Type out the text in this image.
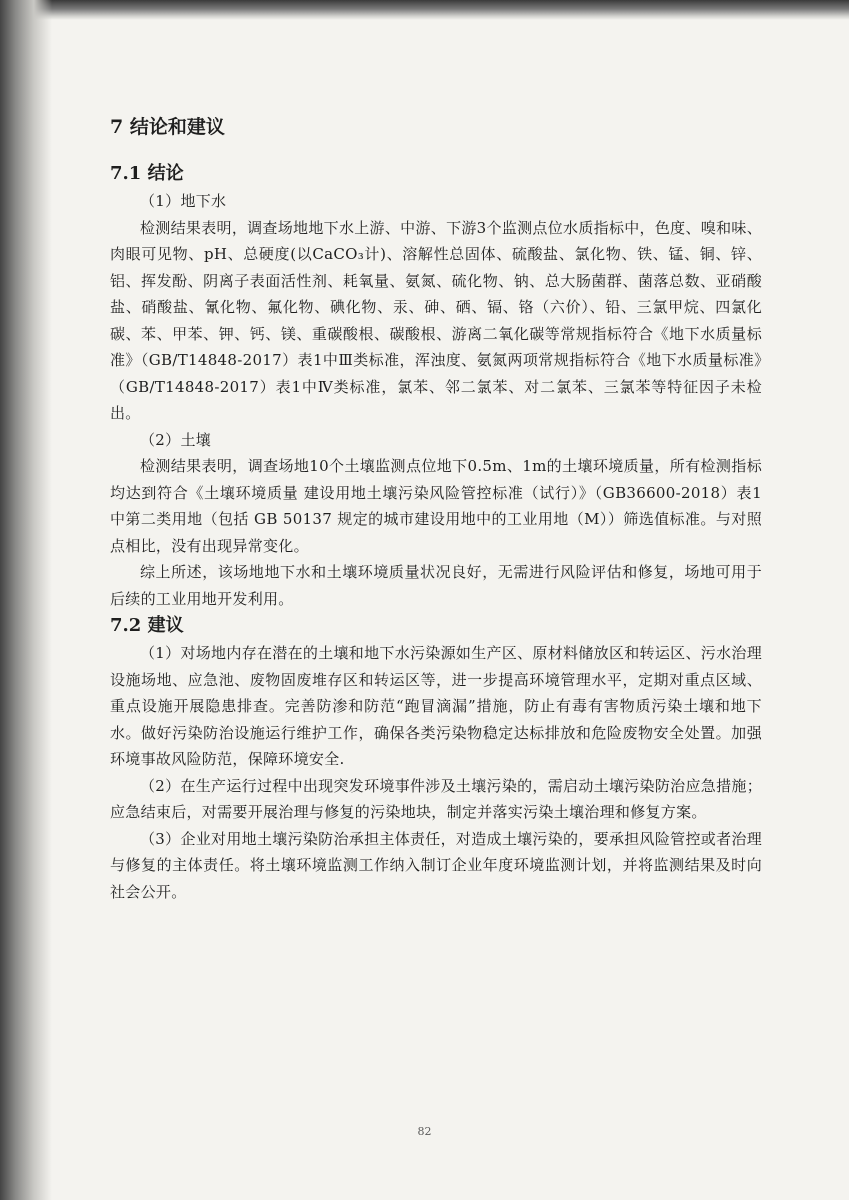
7 结论和建议
7.1 结论

（1）地下水

检测结果表明，调查场地地下水上游、中游、下游3个监测点位水质指标中，色度、嗅和味、肉眼可见物、pH、总硬度(以CaCO₃计)、溶解性总固体、硫酸盐、氯化物、铁、锰、铜、锌、铝、挥发酚、阴离子表面活性剂、耗氧量、氨氮、硫化物、钠、总大肠菌群、菌落总数、亚硝酸盐、硝酸盐、氰化物、氟化物、碘化物、汞、砷、硒、镉、铬（六价）、铅、三氯甲烷、四氯化碳、苯、甲苯、钾、钙、镁、重碳酸根、碳酸根、游离二氧化碳等常规指标符合《地下水质量标准》（GB/T14848-2017）表1中Ⅲ类标准，浑浊度、氨氮两项常规指标符合《地下水质量标准》（GB/T14848-2017）表1中Ⅳ类标准，氯苯、邻二氯苯、对二氯苯、三氯苯等特征因子未检出。

（2）土壤

检测结果表明，调查场地10个土壤监测点位地下0.5m、1m的土壤环境质量，所有检测指标均达到符合《土壤环境质量 建设用地土壤污染风险管控标准（试行）》（GB36600-2018）表1中第二类用地（包括 GB 50137 规定的城市建设用地中的工业用地（M））筛选值标准。与对照点相比，没有出现异常变化。

综上所述，该场地地下水和土壤环境质量状况良好，无需进行风险评估和修复，场地可用于后续的工业用地开发利用。

7.2 建议

（1）对场地内存在潜在的土壤和地下水污染源如生产区、原材料储放区和转运区、污水治理设施场地、应急池、废物固废堆存区和转运区等，进一步提高环境管理水平，定期对重点区域、重点设施开展隐患排查。完善防渗和防范“跑冒滴漏”措施，防止有毒有害物质污染土壤和地下水。做好污染防治设施运行维护工作，确保各类污染物稳定达标排放和危险废物安全处置。加强环境事故风险防范，保障环境安全.

（2）在生产运行过程中出现突发环境事件涉及土壤污染的，需启动土壤污染防治应急措施；应急结束后，对需要开展治理与修复的污染地块，制定并落实污染土壤治理和修复方案。

（3）企业对用地土壤污染防治承担主体责任，对造成土壤污染的，要承担风险管控或者治理与修复的主体责任。将土壤环境监测工作纳入制订企业年度环境监测计划，并将监测结果及时向社会公开。

82
